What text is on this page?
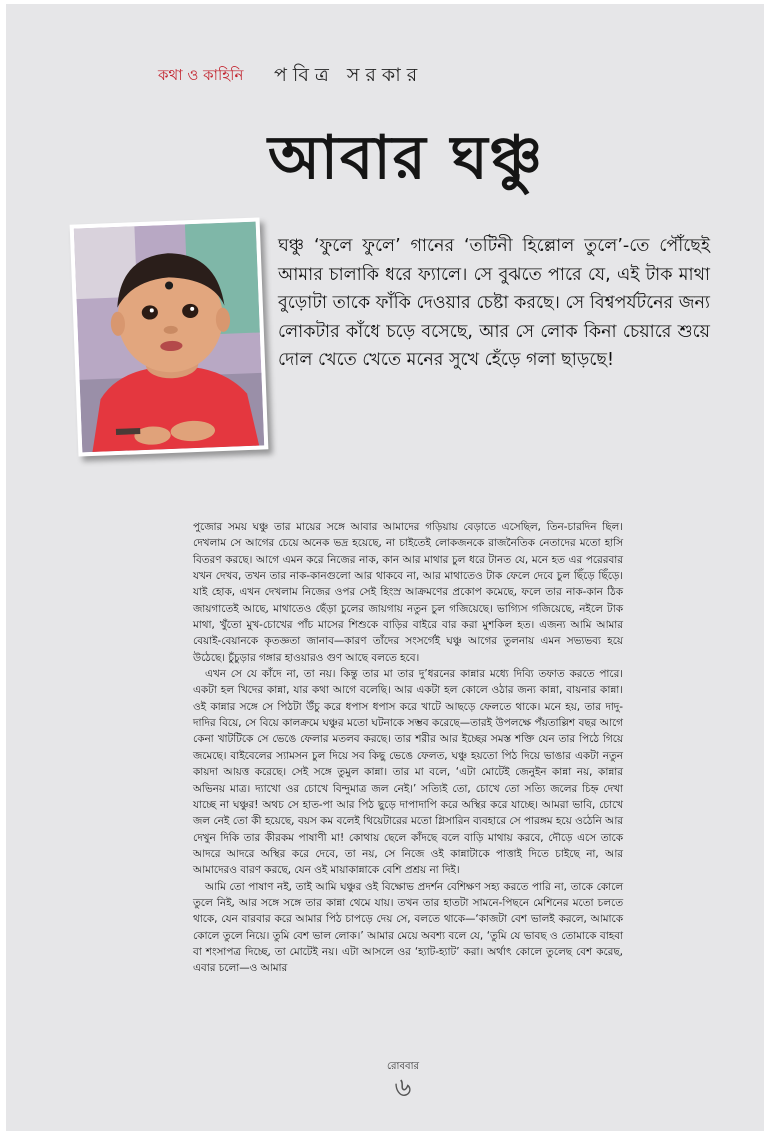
কথা ও কাহিনি পবিত্র সরকার
আবার ঘঞ্চু
ঘঞ্চু ‘ফুলে ফুলে’ গানের ‘তটিনী হিল্লোল তুলে’-তে পৌঁছেই আমার চালাকি ধরে ফ্যালে। সে বুঝতে পারে যে, এই টাক মাথা বুড়োটা তাকে ফাঁকি দেওয়ার চেষ্টা করছে। সে বিশ্বপর্যটনের জন্য লোকটার কাঁধে চড়ে বসেছে, আর সে লোক কিনা চেয়ারে শুয়ে দোল খেতে খেতে মনের সুখে হেঁড়ে গলা ছাড়ছে!

পুজোর সময় ঘঞ্চু তার মায়ের সঙ্গে আবার আমাদের গড়িয়ায় বেড়াতে এসেছিল, তিন-চারদিন ছিল। দেখলাম সে আগের চেয়ে অনেক ভদ্র হয়েছে, না চাইতেই লোকজনকে রাজনৈতিক নেতাদের মতো হাসি বিতরণ করছে। আগে এমন করে নিজের নাক, কান আর মাথার চুল ধরে টানত যে, মনে হত এর পরেরবার যখন দেখব, তখন তার নাক-কানগুলো আর থাকবে না, আর মাথাতেও টাক ফেলে দেবে চুল ছিঁড়ে ছিঁড়ে। যাই হোক, এখন দেখলাম নিজের ওপর সেই হিংস্র আক্রমণের প্রকোপ কমেছে, ফলে তার নাক-কান ঠিক জায়গাতেই আছে, মাথাতেও ছেঁড়া চুলের জায়গায় নতুন চুল গজিয়েছে। ভাগ্যিস গজিয়েছে, নইলে টাক মাথা, খুঁতো মুখ-চোখের পাঁচ মাসের শিশুকে বাড়ির বাইরে বার করা মুশকিল হত। এজন্য আমি আমার বেয়াই-বেয়ানকে কৃতজ্ঞতা জানাব—কারণ তাঁদের সংসর্গেই ঘঞ্চু আগের তুলনায় এমন সভ্যভব্য হয়ে উঠেছে। চুঁচুড়ার গঙ্গার হাওয়ারও গুণ আছে বলতে হবে।

এখন সে যে কাঁদে না, তা নয়। কিন্তু তার মা তার দু’ধরনের কান্নার মধ্যে দিব্যি তফাত করতে পারে। একটা হল খিদের কান্না, যার কথা আগে বলেছি। আর একটা হল কোলে ওঠার জন্য কান্না, বায়নার কান্না। ওই কান্নার সঙ্গে সে পিঠটা উঁচু করে ধপাস ধপাস করে খাটে আছড়ে ফেলতে থাকে। মনে হয়, তার দাদু-দাদির বিয়ে, সে বিয়ে কালক্রমে ঘঞ্চুর মতো ঘটনাকে সম্ভব করেছে—তারই উপলক্ষে পঁয়তাল্লিশ বছর আগে কেনা খাটটিকে সে ভেঙে ফেলার মতলব করছে। তার শরীর আর ইচ্ছের সমস্ত শক্তি যেন তার পিঠে গিয়ে জমেছে। বাইবেলের স্যামসন চুল দিয়ে সব কিছু ভেঙে ফেলত, ঘঞ্চু হয়তো পিঠ দিয়ে ভাঙার একটা নতুন কায়দা আয়ত্ত করেছে। সেই সঙ্গে তুমুল কান্না। তার মা বলে, ‘এটা মোটেই জেনুইন কান্না নয়, কান্নার অভিনয় মাত্র। দ্যাখো ওর চোখে বিন্দুমাত্র জল নেই।’ সত্যিই তো, চোখে তো সত্যি জলের চিহ্ন দেখা যাচ্ছে না ঘঞ্চুর! অথচ সে হাত-পা আর পিঠ ছুড়ে দাপাদাপি করে অস্থির করে যাচ্ছে। আমরা ভাবি, চোখে জল নেই তো কী হয়েছে, বয়স কম বলেই থিয়েটারের মতো গ্লিসারিন ব্যবহারে সে পারঙ্গম হয়ে ওঠেনি আর দেখুন দিকি তার কীরকম পাষাণী মা! কোথায় ছেলে কাঁদছে বলে বাড়ি মাথায় করবে, দৌড়ে এসে তাকে আদরে আদরে অস্থির করে দেবে, তা নয়, সে নিজে ওই কান্নাটাকে পাত্তাই দিতে চাইছে না, আর আমাদেরও বারণ করছে, যেন ওই মায়াকান্নাকে বেশি প্রশ্রয় না দিই।

আমি তো পাষাণ নই, তাই আমি ঘঞ্চুর ওই বিক্ষোভ প্রদর্শন বেশিক্ষণ সহ্য করতে পারি না, তাকে কোলে তুলে নিই, আর সঙ্গে সঙ্গে তার কান্না থেমে যায়। তখন তার হাতটা সামনে-পিছনে মেশিনের মতো চলতে থাকে, যেন বারবার করে আমার পিঠ চাপড়ে দেয় সে, বলতে থাকে—‘কাজটা বেশ ভালই করলে, আমাকে কোলে তুলে নিয়ে। তুমি বেশ ভাল লোক।’ আমার মেয়ে অবশ্য বলে যে, ‘তুমি যে ভাবছ ও তোমাকে বাহবা বা শংসাপত্র দিচ্ছে, তা মোটেই নয়। এটা আসলে ওর ‘হ্যাট-হ্যাট’ করা। অর্থাৎ কোলে তুলেছ বেশ করেছ, এবার চলো—ও আমার

রোববার
৬
